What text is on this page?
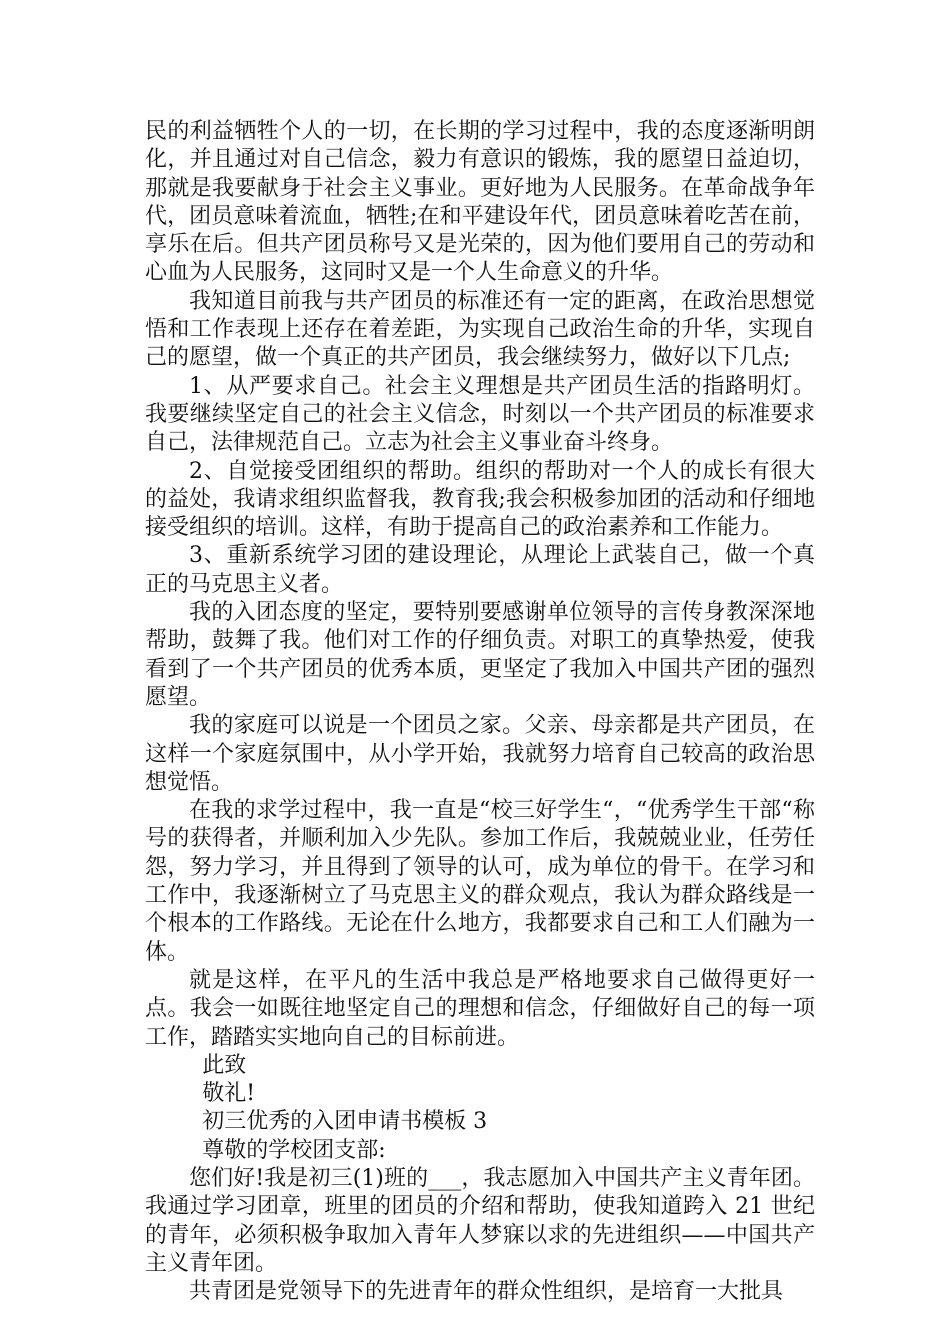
民的利益牺牲个人的一切，在长期的学习过程中，我的态度逐渐明朗化，并且通过对自己信念，毅力有意识的锻炼，我的愿望日益迫切，那就是我要献身于社会主义事业。更好地为人民服务。在革命战争年代，团员意味着流血，牺牲;在和平建设年代，团员意味着吃苦在前，享乐在后。但共产团员称号又是光荣的，因为他们要用自己的劳动和心血为人民服务，这同时又是一个人生命意义的升华。

我知道目前我与共产团员的标准还有一定的距离，在政治思想觉悟和工作表现上还存在着差距，为实现自己政治生命的升华，实现自己的愿望，做一个真正的共产团员，我会继续努力，做好以下几点;

1、从严要求自己。社会主义理想是共产团员生活的指路明灯。我要继续坚定自己的社会主义信念，时刻以一个共产团员的标准要求自己，法律规范自己。立志为社会主义事业奋斗终身。

2、自觉接受团组织的帮助。组织的帮助对一个人的成长有很大的益处，我请求组织监督我，教育我;我会积极参加团的活动和仔细地接受组织的培训。这样，有助于提高自己的政治素养和工作能力。

3、重新系统学习团的建设理论，从理论上武装自己，做一个真正的马克思主义者。

我的入团态度的坚定，要特别要感谢单位领导的言传身教深深地帮助，鼓舞了我。他们对工作的仔细负责。对职工的真挚热爱，使我看到了一个共产团员的优秀本质，更坚定了我加入中国共产团的强烈愿望。

我的家庭可以说是一个团员之家。父亲、母亲都是共产团员，在这样一个家庭氛围中，从小学开始，我就努力培育自己较高的政治思想觉悟。

在我的求学过程中，我一直是“校三好学生“，“优秀学生干部“称号的获得者，并顺利加入少先队。参加工作后，我兢兢业业，任劳任怨，努力学习，并且得到了领导的认可，成为单位的骨干。在学习和工作中，我逐渐树立了马克思主义的群众观点，我认为群众路线是一个根本的工作路线。无论在什么地方，我都要求自己和工人们融为一体。

就是这样，在平凡的生活中我总是严格地要求自己做得更好一点。我会一如既往地坚定自己的理想和信念，仔细做好自己的每一项工作，踏踏实实地向自己的目标前进。

此致

敬礼!

初三优秀的入团申请书模板 3

尊敬的学校团支部:

您们好!我是初三(1)班的___，我志愿加入中国共产主义青年团。我通过学习团章，班里的团员的介绍和帮助，使我知道跨入 21 世纪的青年，必须积极争取加入青年人梦寐以求的先进组织——中国共产主义青年团。

共青团是党领导下的先进青年的群众性组织，是培育一大批具
